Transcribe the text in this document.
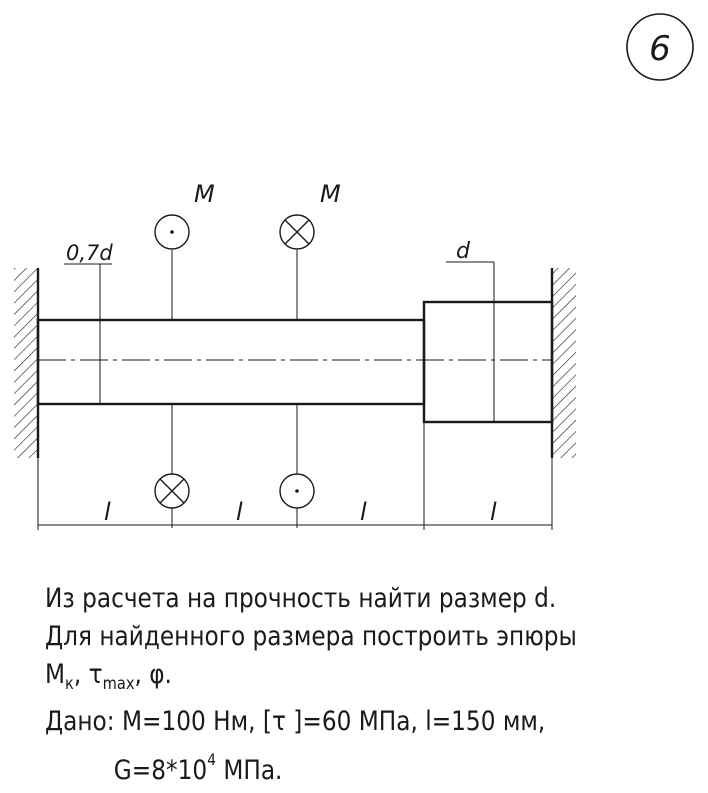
6
0,7d	d
M	M
l	l	l	l
Из расчета на прочность найти размер d.
Для найденного размера построить эпюры
$М_к$, $\tau_{max}$, φ.
Дано: М=100 Нм, [τ ]=60 МПа, l=150 мм,
$G=8*10^4$ МПа.
